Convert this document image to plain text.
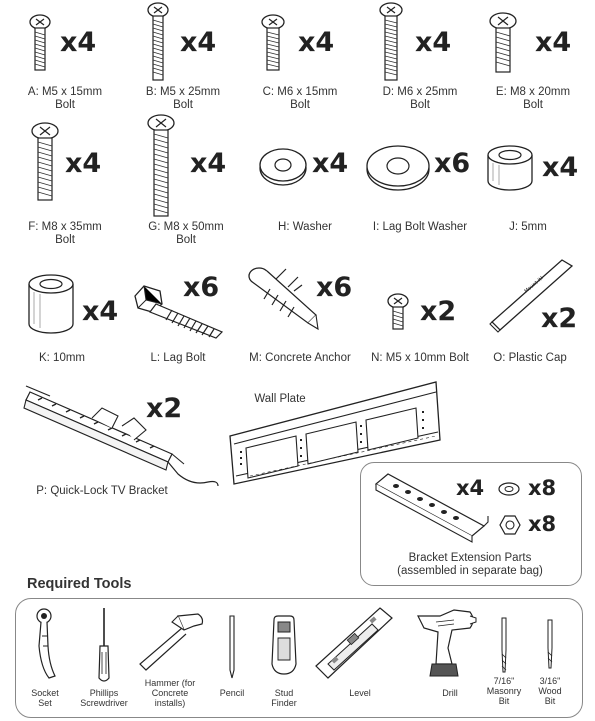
x4
A: M5 x 15mm
Bolt
x4
B: M5 x 25mm
Bolt
x4
C: M6 x 15mm
Bolt
x4
D: M6 x 25mm
Bolt
x4
E: M8 x 20mm
Bolt
x4
F: M8 x 35mm
Bolt
x4
G: M8 x 50mm
Bolt
x4
H: Washer
x6
I: Lag Bolt Washer
x4
J: 5mm
x4
K: 10mm
x6
L: Lag Bolt
x6
M: Concrete Anchor
x2
N: M5 x 10mm Bolt
Mount-It!
x2
O: Plastic Cap
x2
P: Quick-Lock TV Bracket
Wall Plate
x4 x8
x8
Bracket Extension Parts
(assembled in separate bag)
Required Tools
Socket
Set
Phillips
Screwdriver
Hammer (for
Concrete
installs)
Pencil	Stud
Finder
Level	Drill
7/16"
Masonry
Bit
3/16"
Wood
Bit
